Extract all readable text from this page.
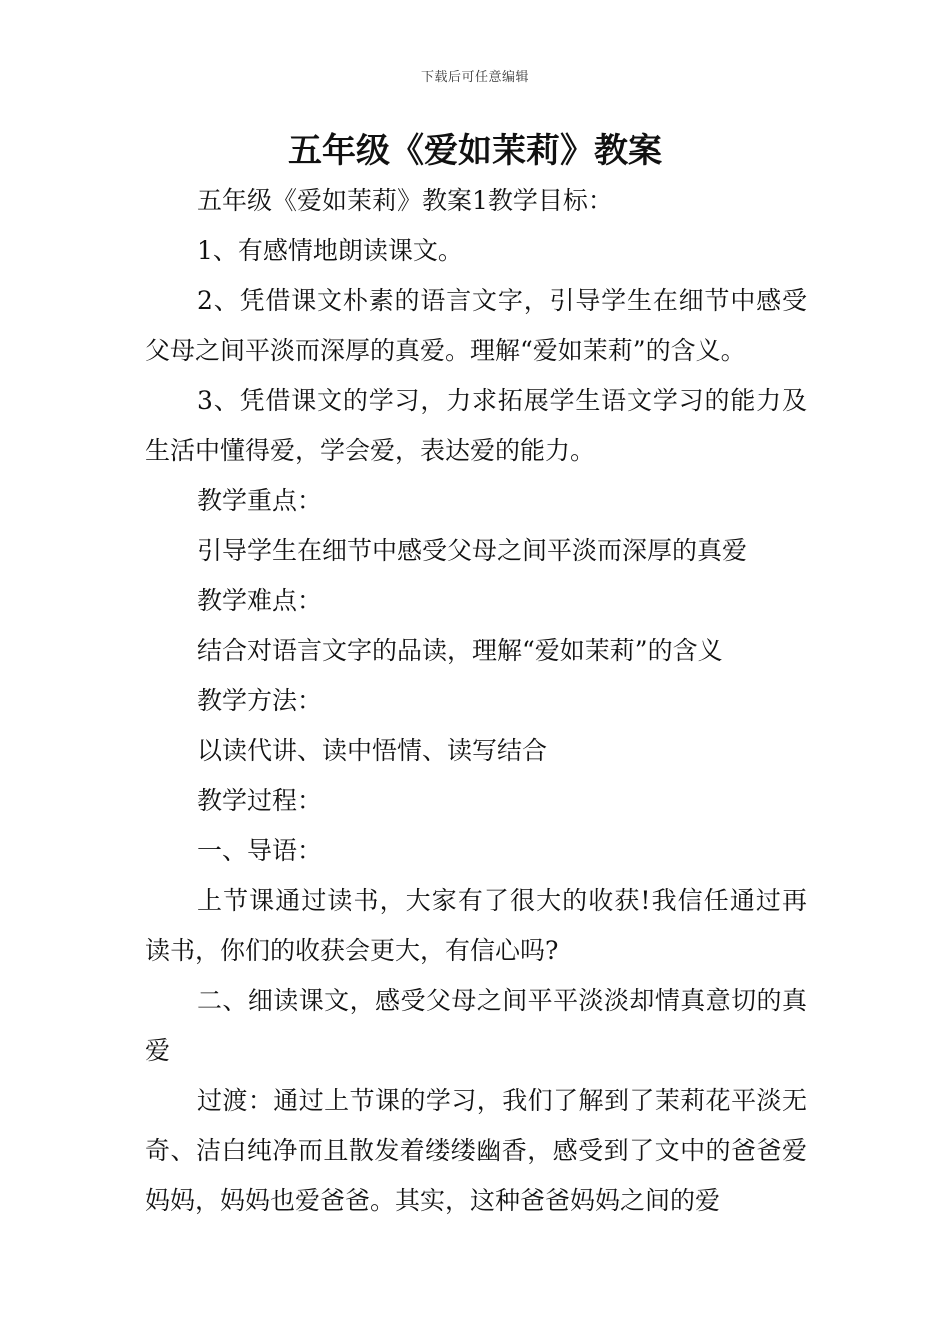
下载后可任意编辑
五年级《爱如茉莉》教案

五年级《爱如茉莉》教案1教学目标：

1、有感情地朗读课文。

2、凭借课文朴素的语言文字，引导学生在细节中感受父母之间平淡而深厚的真爱。理解“爱如茉莉”的含义。

3、凭借课文的学习，力求拓展学生语文学习的能力及生活中懂得爱，学会爱，表达爱的能力。

教学重点：

引导学生在细节中感受父母之间平淡而深厚的真爱

教学难点：

结合对语言文字的品读，理解“爱如茉莉”的含义

教学方法：

以读代讲、读中悟情、读写结合

教学过程：

一、导语：

上节课通过读书，大家有了很大的收获!我信任通过再读书，你们的收获会更大，有信心吗?

二、细读课文，感受父母之间平平淡淡却情真意切的真爱

过渡：通过上节课的学习，我们了解到了茉莉花平淡无奇、洁白纯净而且散发着缕缕幽香，感受到了文中的爸爸爱妈妈，妈妈也爱爸爸。其实，这种爸爸妈妈之间的爱
